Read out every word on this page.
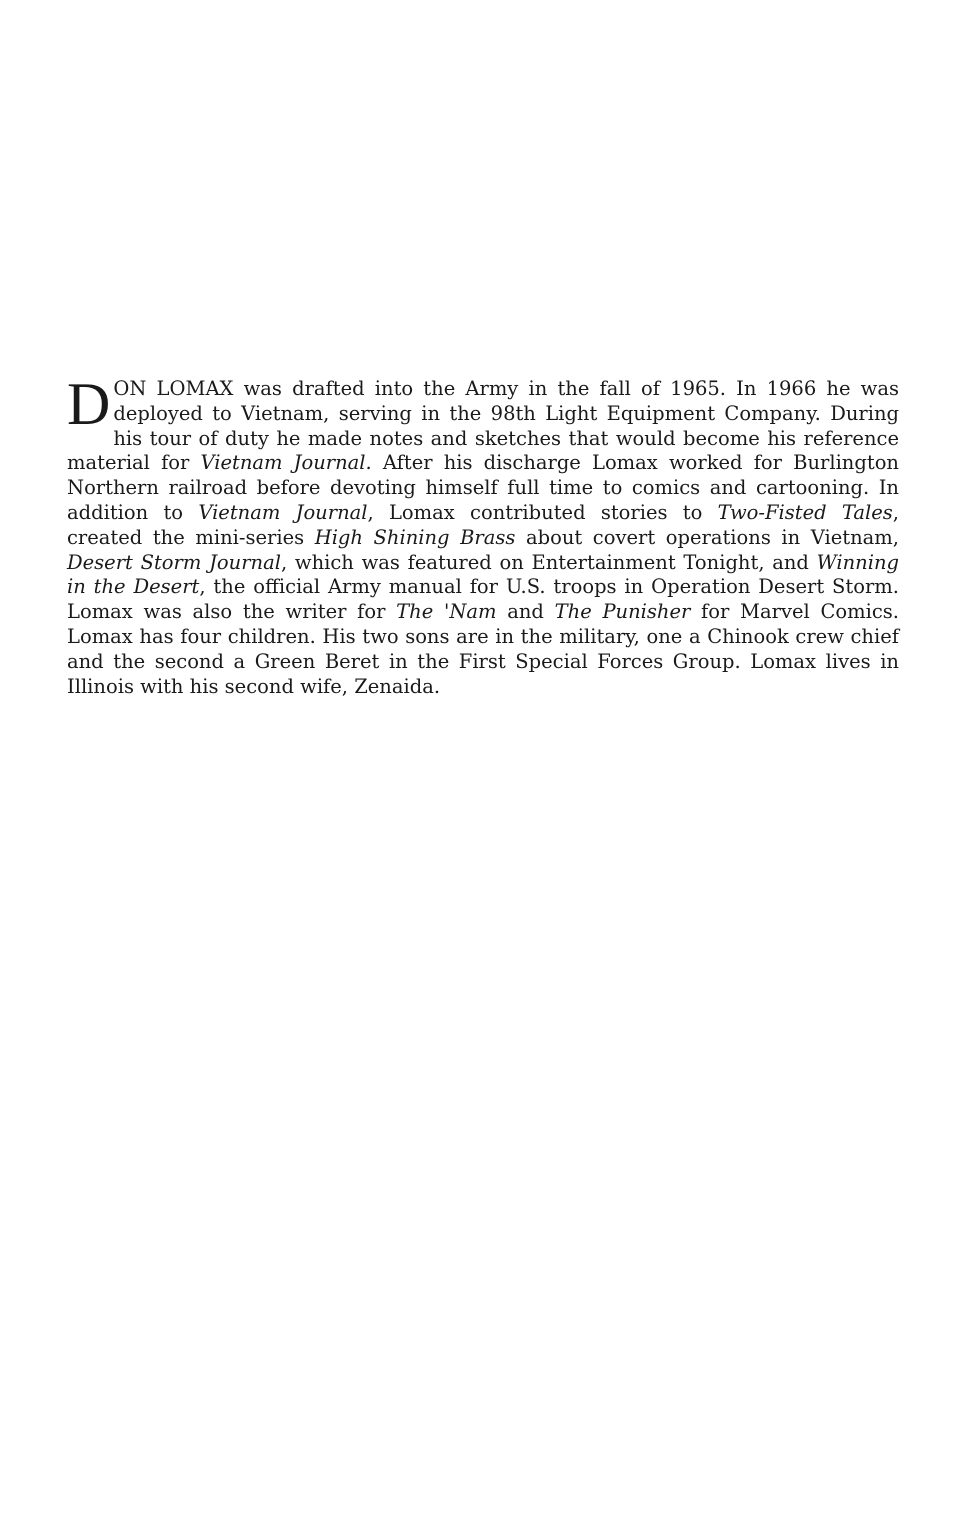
D ON LOMAX was drafted into the Army in the fall of 1965. In 1966 he was
deployed to Vietnam, serving in the 98th Light Equipment Company. During
his tour of duty he made notes and sketches that would become his reference
material for Vietnam Journal. After his discharge Lomax worked for Burlington
Northern railroad before devoting himself full time to comics and cartooning. In
addition to Vietnam Journal, Lomax contributed stories to Two-Fisted Tales,
created the mini-series High Shining Brass about covert operations in Vietnam,
Desert Storm Journal, which was featured on Entertainment Tonight, and Winning
in the Desert, the official Army manual for U.S. troops in Operation Desert Storm.
Lomax was also the writer for The 'Nam and The Punisher for Marvel Comics.
Lomax has four children. His two sons are in the military, one a Chinook crew chief
and the second a Green Beret in the First Special Forces Group. Lomax lives in
Illinois with his second wife, Zenaida.
